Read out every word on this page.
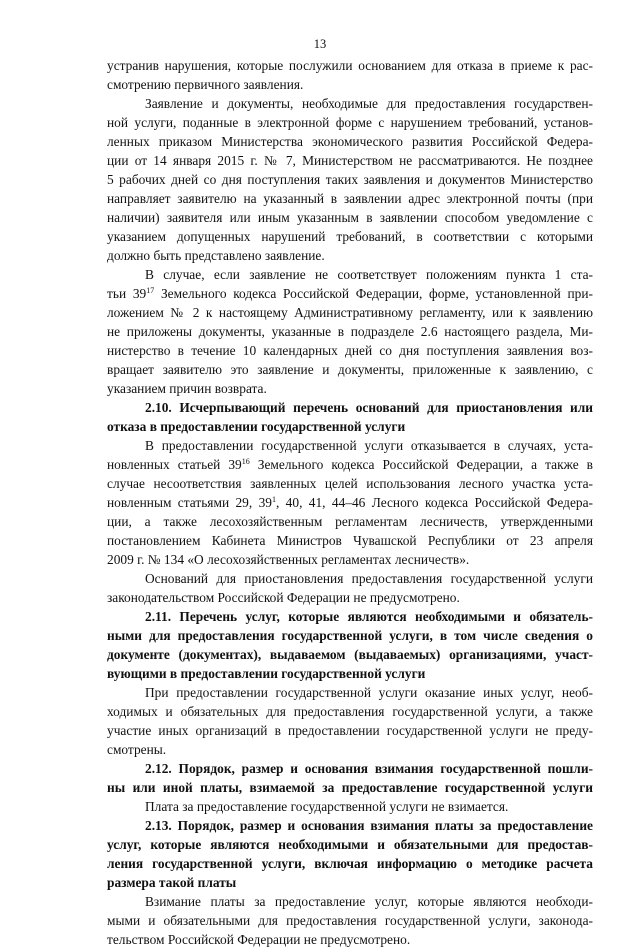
13
устранив нарушения, которые послужили основанием для отказа в приеме к рас-
смотрению первичного заявления.
Заявление и документы, необходимые для предоставления государствен-
ной услуги, поданные в электронной форме с нарушением требований, установ-
ленных приказом Министерства экономического развития Российской Федера-
ции от 14 января 2015 г. № 7, Министерством не рассматриваются. Не позднее
5 рабочих дней со дня поступления таких заявления и документов Министерство
направляет заявителю на указанный в заявлении адрес электронной почты (при
наличии) заявителя или иным указанным в заявлении способом уведомление с
указанием допущенных нарушений требований, в соответствии с которыми
должно быть представлено заявление.
В случае, если заявление не соответствует положениям пункта 1 ста-
тьи $39^{17}$ Земельного кодекса Российской Федерации, форме, установленной при-
ложением № 2 к настоящему Административному регламенту, или к заявлению
не приложены документы, указанные в подразделе 2.6 настоящего раздела, Ми-
нистерство в течение 10 календарных дней со дня поступления заявления воз-
вращает заявителю это заявление и документы, приложенные к заявлению, с
указанием причин возврата.
2.10. Исчерпывающий перечень оснований для приостановления или
отказа в предоставлении государственной услуги
В предоставлении государственной услуги отказывается в случаях, уста-
новленных статьей $39^{16}$ Земельного кодекса Российской Федерации, а также в
случае несоответствия заявленных целей использования лесного участка уста-
новленным статьями 29, $39^1$, 40, 41, 44–46 Лесного кодекса Российской Федера-
ции, а также лесохозяйственным регламентам лесничеств, утвержденными
постановлением Кабинета Министров Чувашской Республики от 23 апреля
2009 г. № 134 «О лесохозяйственных регламентах лесничеств».
Оснований для приостановления предоставления государственной услуги
законодательством Российской Федерации не предусмотрено.
2.11. Перечень услуг, которые являются необходимыми и обязатель-
ными для предоставления государственной услуги, в том числе сведения о
документе (документах), выдаваемом (выдаваемых) организациями, участ-
вующими в предоставлении государственной услуги
При предоставлении государственной услуги оказание иных услуг, необ-
ходимых и обязательных для предоставления государственной услуги, а также
участие иных организаций в предоставлении государственной услуги не преду-
смотрены.
2.12. Порядок, размер и основания взимания государственной пошли-
ны или иной платы, взимаемой за предоставление государственной услуги
Плата за предоставление государственной услуги не взимается.
2.13. Порядок, размер и основания взимания платы за предоставление
услуг, которые являются необходимыми и обязательными для предостав-
ления государственной услуги, включая информацию о методике расчета
размера такой платы
Взимание платы за предоставление услуг, которые являются необходи-
мыми и обязательными для предоставления государственной услуги, законода-
тельством Российской Федерации не предусмотрено.
